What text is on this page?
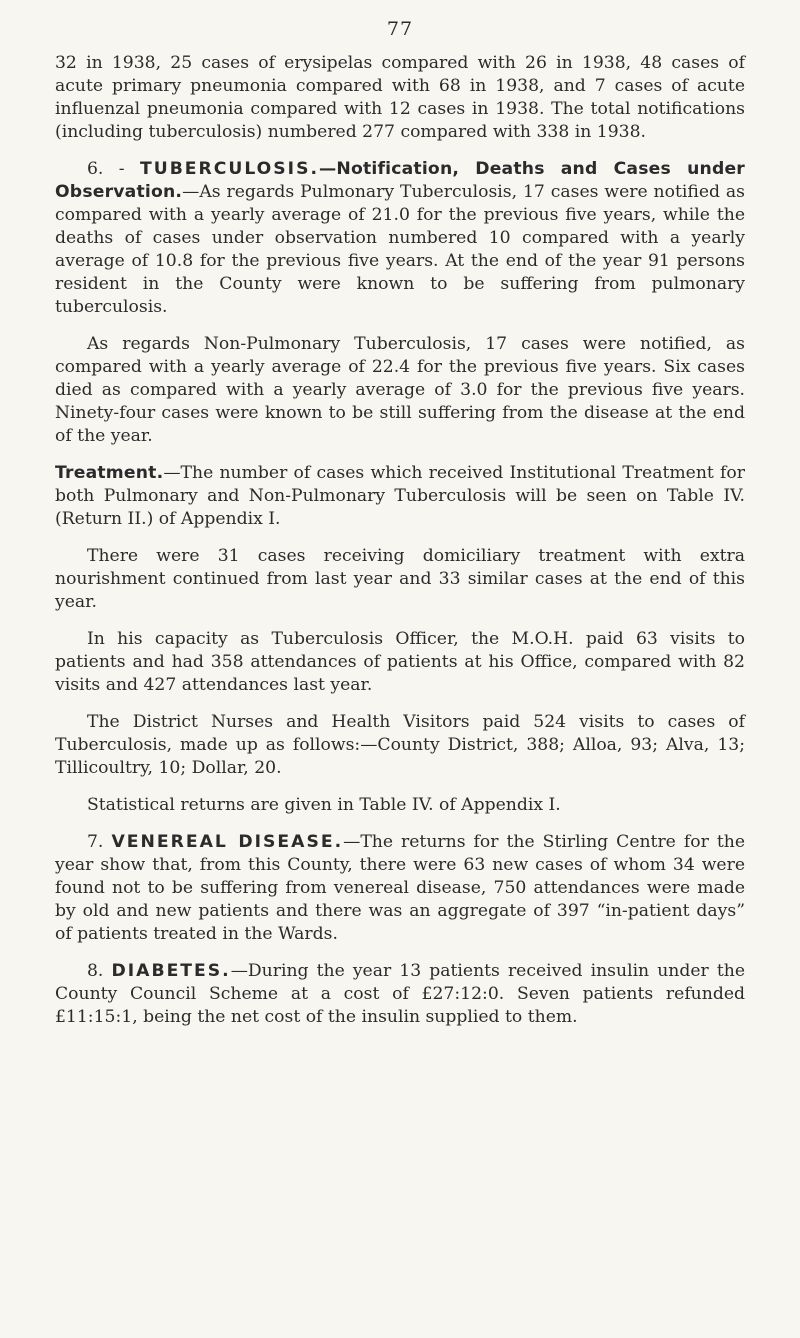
77

32 in 1938, 25 cases of erysipelas compared with 26 in 1938, 48 cases of acute primary pneumonia compared with 68 in 1938, and 7 cases of acute influenzal pneumonia compared with 12 cases in 1938. The total notifications (including tuberculosis) numbered 277 compared with 338 in 1938.

6. - TUBERCULOSIS.—Notification, Deaths and Cases under Observation.—As regards Pulmonary Tuberculosis, 17 cases were notified as compared with a yearly average of 21.0 for the previous five years, while the deaths of cases under observation numbered 10 compared with a yearly average of 10.8 for the previous five years. At the end of the year 91 persons resident in the County were known to be suffering from pulmonary tuberculosis.

As regards Non-Pulmonary Tuberculosis, 17 cases were notified, as compared with a yearly average of 22.4 for the previous five years. Six cases died as compared with a yearly average of 3.0 for the previous five years. Ninety-four cases were known to be still suffering from the disease at the end of the year.

Treatment.—The number of cases which received Institutional Treatment for both Pulmonary and Non-Pulmonary Tuberculosis will be seen on Table IV. (Return II.) of Appendix I.

There were 31 cases receiving domiciliary treatment with extra nourishment continued from last year and 33 similar cases at the end of this year.

In his capacity as Tuberculosis Officer, the M.O.H. paid 63 visits to patients and had 358 attendances of patients at his Office, compared with 82 visits and 427 attendances last year.

The District Nurses and Health Visitors paid 524 visits to cases of Tuberculosis, made up as follows:—County District, 388; Alloa, 93; Alva, 13; Tillicoultry, 10; Dollar, 20.

Statistical returns are given in Table IV. of Appendix I.

7. VENEREAL DISEASE.—The returns for the Stirling Centre for the year show that, from this County, there were 63 new cases of whom 34 were found not to be suffering from venereal disease, 750 attendances were made by old and new patients and there was an aggregate of 397 “in-patient days” of patients treated in the Wards.

8. DIABETES.—During the year 13 patients received insulin under the County Council Scheme at a cost of £27:12:0. Seven patients refunded £11:15:1, being the net cost of the insulin supplied to them.
